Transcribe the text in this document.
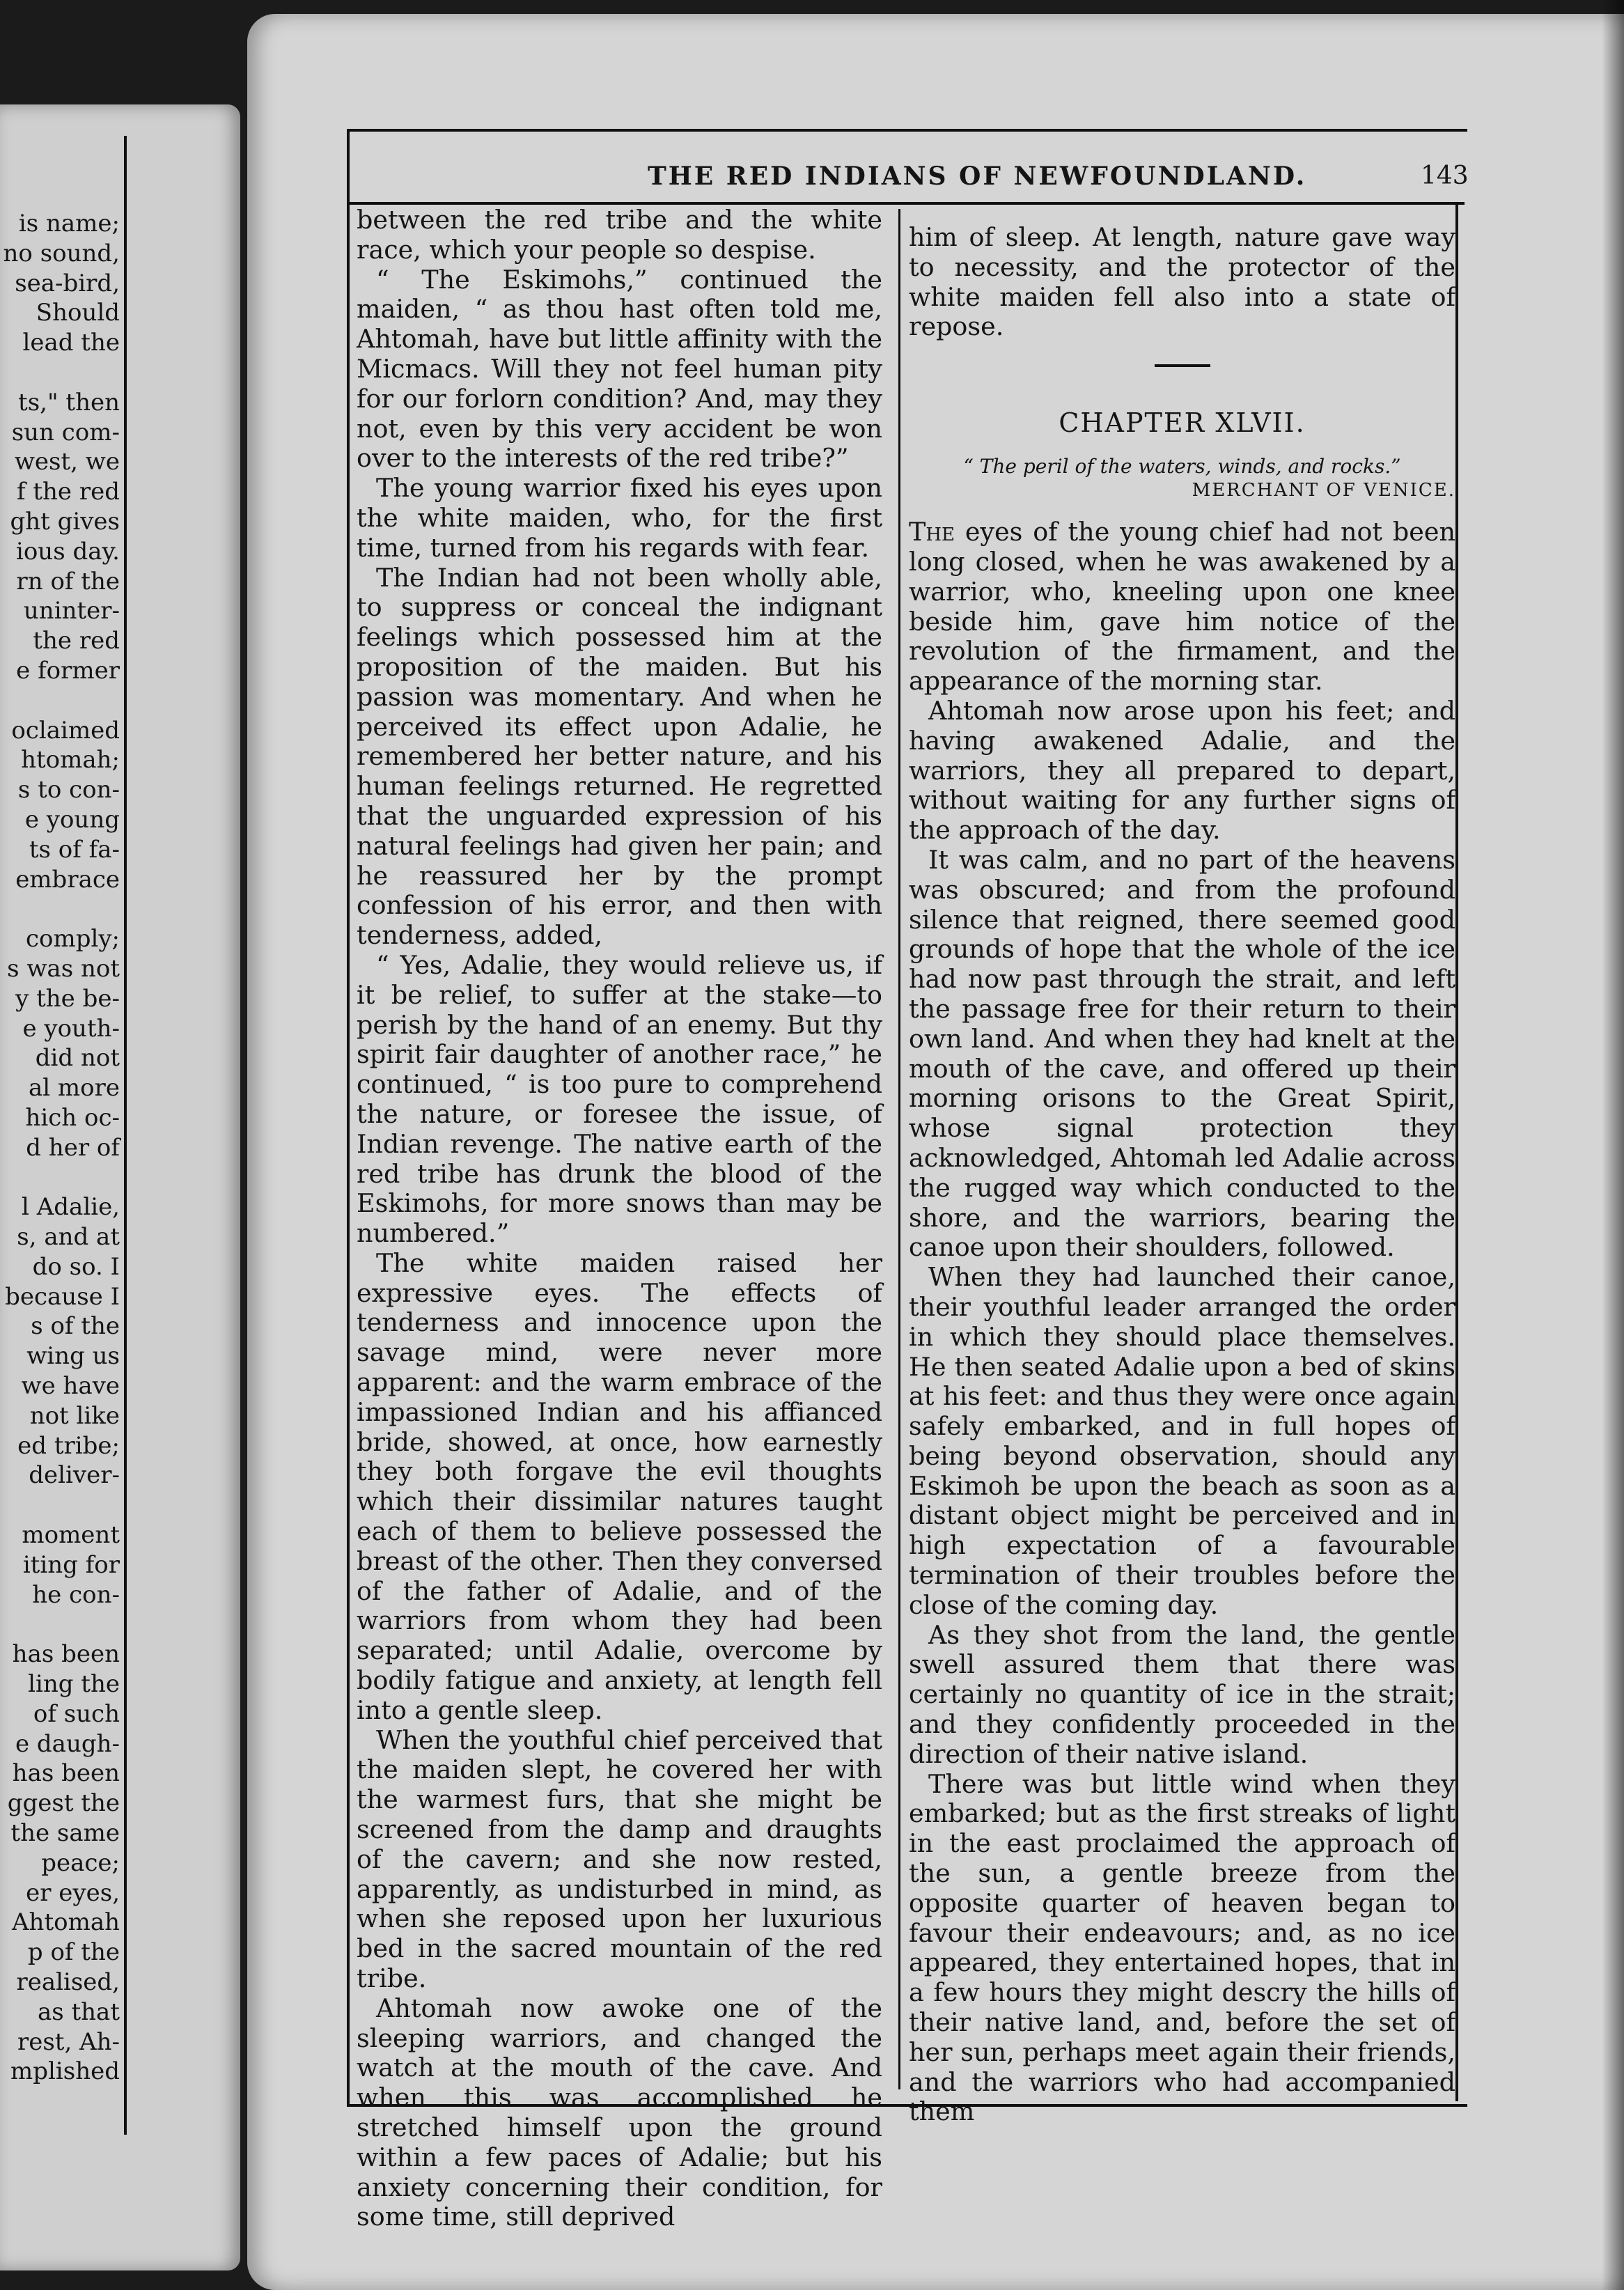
is name;
no sound,
sea-bird,
Should
lead the
ts," then
sun com-
west, we
f the red
ght gives
ious day.
rn of the
uninter-
the red
e former
oclaimed
htomah;
s to con-
e young
ts of fa-
embrace
comply;
s was not
y the be-
e youth-
did not
al more
hich oc-
d her of
l Adalie,
s, and at
do so. I
because I
s of the
wing us
we have
not like
ed tribe;
deliver-
moment
iting for
he con-
has been
ling the
of such
e daugh-
has been
ggest the
the same
peace;
er eyes,
Ahtomah
p of the
realised,
as that
rest, Ah-
mplished
THE RED INDIANS OF NEWFOUNDLAND.	143

between the red tribe and the white race, which your people so despise.

“ The Eskimohs,” continued the maiden, “ as thou hast often told me, Ahtomah, have but little affinity with the Micmacs. Will they not feel human pity for our forlorn condition? And, may they not, even by this very accident be won over to the interests of the red tribe?”

The young warrior fixed his eyes upon the white maiden, who, for the first time, turned from his regards with fear.

The Indian had not been wholly able, to suppress or conceal the indignant feelings which possessed him at the proposition of the maiden. But his passion was momentary. And when he perceived its effect upon Adalie, he remembered her better nature, and his human feelings returned. He regretted that the unguarded expression of his natural feelings had given her pain; and he reassured her by the prompt confession of his error, and then with tenderness, added,

“ Yes, Adalie, they would relieve us, if it be relief, to suffer at the stake—to perish by the hand of an enemy. But thy spirit fair daughter of another race,” he continued, “ is too pure to comprehend the nature, or foresee the issue, of Indian revenge. The native earth of the red tribe has drunk the blood of the Eskimohs, for more snows than may be numbered.”

The white maiden raised her expressive eyes. The effects of tenderness and innocence upon the savage mind, were never more apparent: and the warm embrace of the impassioned Indian and his affianced bride, showed, at once, how earnestly they both forgave the evil thoughts which their dissimilar natures taught each of them to believe possessed the breast of the other. Then they conversed of the father of Adalie, and of the warriors from whom they had been separated; until Adalie, overcome by bodily fatigue and anxiety, at length fell into a gentle sleep.

When the youthful chief perceived that the maiden slept, he covered her with the warmest furs, that she might be screened from the damp and draughts of the cavern; and she now rested, apparently, as undisturbed in mind, as when she reposed upon her luxurious bed in the sacred mountain of the red tribe.

Ahtomah now awoke one of the sleeping warriors, and changed the watch at the mouth of the cave. And when this was accomplished he stretched himself upon the ground within a few paces of Adalie; but his anxiety concerning their condition, for some time, still deprived

him of sleep. At length, nature gave way to necessity, and the protector of the white maiden fell also into a state of repose.

CHAPTER XLVII.

“ The peril of the waters, winds, and rocks.”

MERCHANT OF VENICE.

The eyes of the young chief had not been long closed, when he was awakened by a warrior, who, kneeling upon one knee beside him, gave him notice of the revolution of the firmament, and the appearance of the morning star.

Ahtomah now arose upon his feet; and having awakened Adalie, and the warriors, they all prepared to depart, without waiting for any further signs of the approach of the day.

It was calm, and no part of the heavens was obscured; and from the profound silence that reigned, there seemed good grounds of hope that the whole of the ice had now past through the strait, and left the passage free for their return to their own land. And when they had knelt at the mouth of the cave, and offered up their morning orisons to the Great Spirit, whose signal protection they acknowledged, Ahtomah led Adalie across the rugged way which conducted to the shore, and the warriors, bearing the canoe upon their shoulders, followed.

When they had launched their canoe, their youthful leader arranged the order in which they should place themselves. He then seated Adalie upon a bed of skins at his feet: and thus they were once again safely embarked, and in full hopes of being beyond observation, should any Eskimoh be upon the beach as soon as a distant object might be perceived and in high expectation of a favourable termination of their troubles before the close of the coming day.

As they shot from the land, the gentle swell assured them that there was certainly no quantity of ice in the strait; and they confidently proceeded in the direction of their native island.

There was but little wind when they embarked; but as the first streaks of light in the east proclaimed the approach of the sun, a gentle breeze from the opposite quarter of heaven began to favour their endeavours; and, as no ice appeared, they entertained hopes, that in a few hours they might descry the hills of their native land, and, before the set of her sun, perhaps meet again their friends, and the warriors who had accompanied them
